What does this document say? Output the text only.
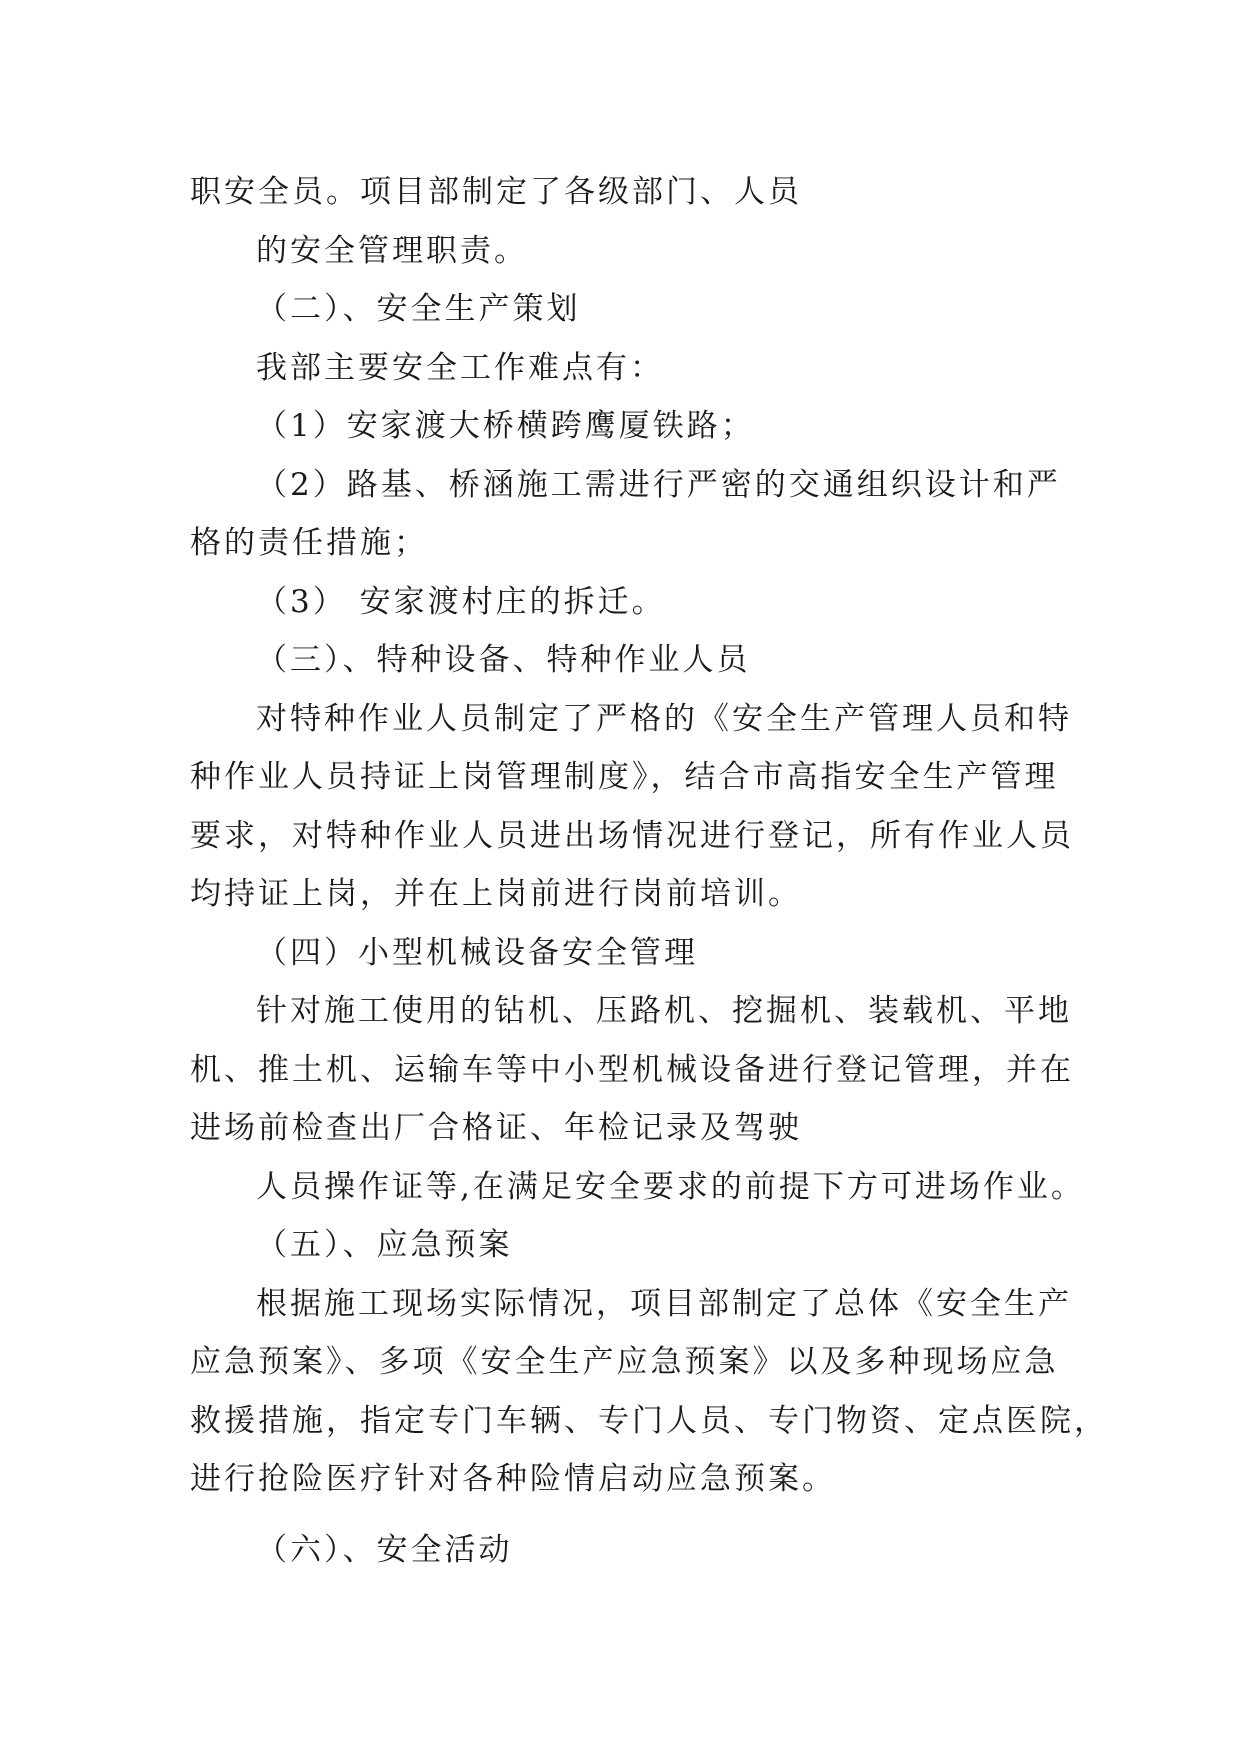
职安全员。项目部制定了各级部门、人员
的安全管理职责。
（二）、安全生产策划
我部主要安全工作难点有：
（1）安家渡大桥横跨鹰厦铁路；
（2）路基、桥涵施工需进行严密的交通组织设计和严
格的责任措施；
（3） 安家渡村庄的拆迁。
（三）、特种设备、特种作业人员
对特种作业人员制定了严格的《安全生产管理人员和特
种作业人员持证上岗管理制度》，结合市高指安全生产管理
要求，对特种作业人员进出场情况进行登记，所有作业人员
均持证上岗，并在上岗前进行岗前培训。
（四）小型机械设备安全管理
针对施工使用的钻机、压路机、挖掘机、装载机、平地
机、推土机、运输车等中小型机械设备进行登记管理，并在
进场前检查出厂合格证、年检记录及驾驶
人员操作证等,在满足安全要求的前提下方可进场作业。
（五）、应急预案
根据施工现场实际情况，项目部制定了总体《安全生产
应急预案》、多项《安全生产应急预案》以及多种现场应急
救援措施，指定专门车辆、专门人员、专门物资、定点医院，
进行抢险医疗针对各种险情启动应急预案。
（六）、安全活动
